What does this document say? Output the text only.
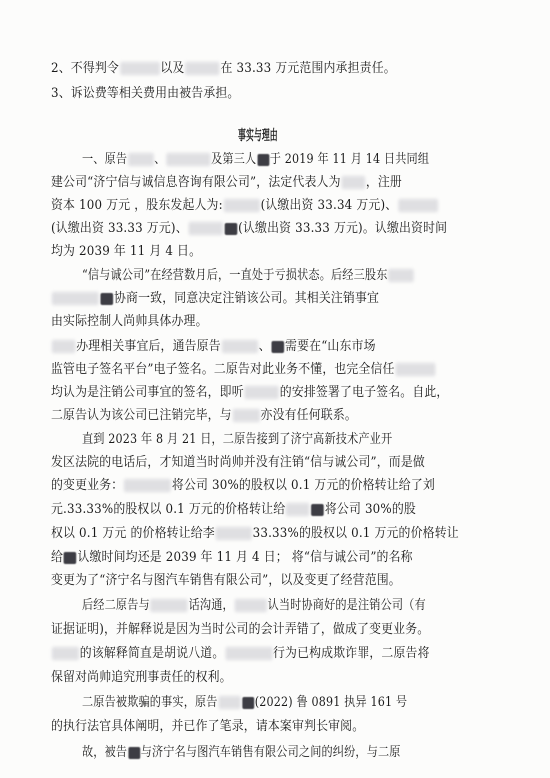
2、不得判令	以及	在 33.33 万元范围内承担责任。
3、诉讼费等相关费用由被告承担。
事实与理由
一、原告 、	及第三人 于 2019 年 11 月 14 日共同组
建公司“济宁信与诚信息咨询有限公司”，法定代表人为 ，注册
资本 100 万元 ，股东发起人为:	(认缴出资 33.34 万元)、
(认缴出资 33.33 万元)、	(认缴出资 33.33 万元)。认缴出资时间
均为 2039 年 11 月 4 日。
“信与诚公司”在经营数月后，一直处于亏损状态。后经三股东
协商一致，同意决定注销该公司。其相关注销事宜
由实际控制人尚帅具体办理。
办理相关事宜后，通告原告	、 需要在“山东市场
监管电子签名平台”电子签名。二原告对此业务不懂，也完全信任
均认为是注销公司事宜的签名，即听	的安排签署了电子签名。自此，
二原告认为该公司已注销完毕，与 亦没有任何联系。
直到 2023 年 8 月 21 日，二原告接到了济宁高新技术产业开
发区法院的电话后，才知道当时尚帅并没有注销“信与诚公司”，而是做
的变更业务：	将公司 30%的股权以 0.1 万元的价格转让给了刘
元.33.33%的股权以 0.1 万元的价格转让给	将公司 30%的股
权以 0.1 万元 的价格转让给李	33.33%的股权以 0.1 万元的价格转让
给 认缴时间均还是 2039 年 11 月 4 日； 将“信与诚公司”的名称
变更为了“济宁名与图汽车销售有限公司”，以及变更了经营范围。
后经二原告与	话沟通，	认当时协商好的是注销公司（有
证据证明)，并解释说是因为当时公司的会计弄错了，做成了变更业务。
的该解释简直是胡说八道。	行为已构成欺诈罪，二原告将
保留对尚帅追究刑事责任的权利。
二原告被欺骗的事实，原告	(2022) 鲁 0891 执异 161 号
的执行法官具体阐明，并已作了笔录，请本案审判长审阅。
故，被告 与济宁名与图汽车销售有限公司之间的纠纷，与二原
